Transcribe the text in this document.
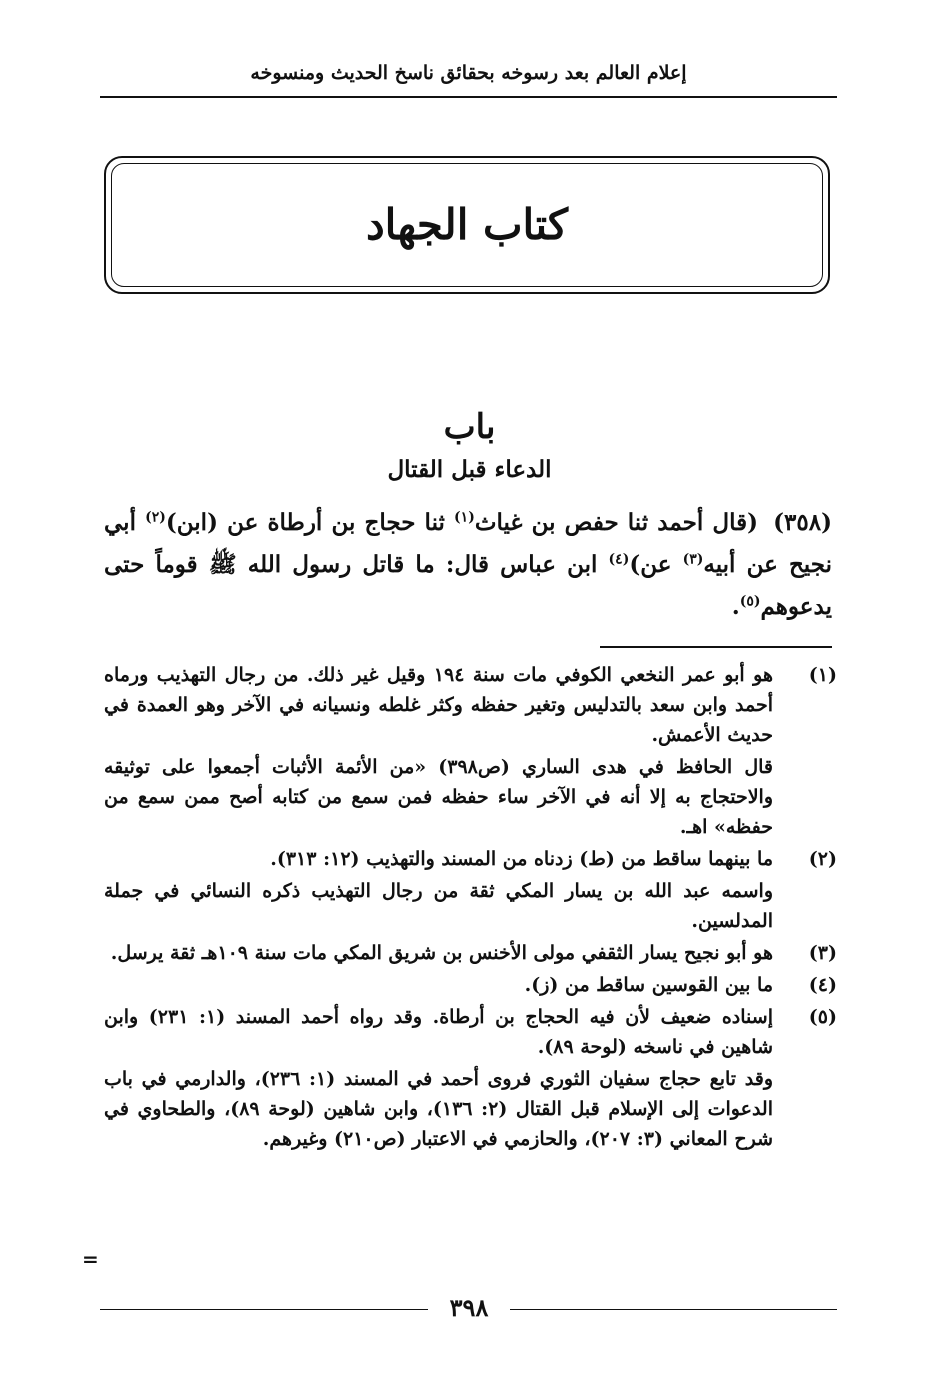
إعلام العالم بعد رسوخه بحقائق ناسخ الحديث ومنسوخه
كتاب الجهاد
باب
الدعاء قبل القتال
(٣٥٨) (قال أحمد ثنا حفص بن غياث$^{(١)}$ ثنا حجاج بن أرطاة عن (ابن)$^{(٢)}$ أبي نجيح عن أبيه$^{(٣)}$ عن)$^{(٤)}$ ابن عباس قال: ما قاتل رسول الله ﷺ قوماً حتى يدعوهم$^{(٥)}$.
(١)
هو أبو عمر النخعي الكوفي مات سنة ١٩٤ وقيل غير ذلك. من رجال التهذيب ورماه أحمد وابن سعد بالتدليس وتغير حفظه وكثر غلطه ونسيانه في الآخر وهو العمدة في حديث الأعمش.
قال الحافظ في هدى الساري (ص٣٩٨) «من الأئمة الأثبات أجمعوا على توثيقه والاحتجاج به إلا أنه في الآخر ساء حفظه فمن سمع من كتابه أصح ممن سمع من حفظه» اهـ.
(٢)
ما بينهما ساقط من (ط) زدناه من المسند والتهذيب (١٢: ٣١٣).
واسمه عبد الله بن يسار المكي ثقة من رجال التهذيب ذكره النسائي في جملة المدلسين.
(٣)
هو أبو نجيح يسار الثقفي مولى الأخنس بن شريق المكي مات سنة ١٠٩هـ ثقة يرسل.
(٤)
ما بين القوسين ساقط من (ز).
(٥)
إسناده ضعيف لأن فيه الحجاج بن أرطاة. وقد رواه أحمد المسند (١: ٢٣١) وابن شاهين في ناسخه (لوحة ٨٩).
وقد تابع حجاج سفيان الثوري فروى أحمد في المسند (١: ٢٣٦)، والدارمي في باب الدعوات إلى الإسلام قبل القتال (٢: ١٣٦)، وابن شاهين (لوحة ٨٩)، والطحاوي في شرح المعاني (٣: ٢٠٧)، والحازمي في الاعتبار (ص٢١٠) وغيرهم.
=
٣٩٨
